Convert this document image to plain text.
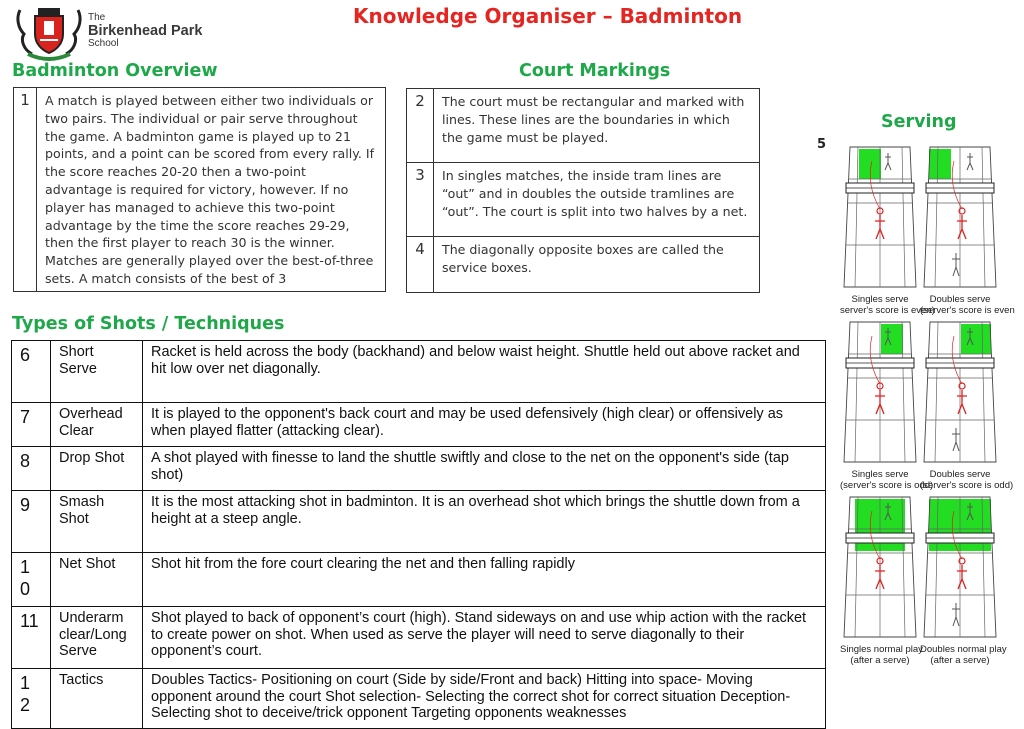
The
Birkenhead Park
School
Knowledge Organiser – Badminton
Badminton Overview
1	A match is played between either two individuals or two pairs. The individual or pair serve throughout the game. A badminton game is played up to 21 points, and a point can be scored from every rally. If the score reaches 20-20 then a two-point advantage is required for victory, however. If no player has managed to achieve this two-point advantage by the time the score reaches 29-29, then the first player to reach 30 is the winner. Matches are generally played over the best-of-three sets. A match consists of the best of 3
Court Markings
2	The court must be rectangular and marked with lines. These lines are the boundaries in which the game must be played.
3	In singles matches, the inside tram lines are “out” and in doubles the outside tramlines are “out”. The court is split into two halves by a net.
4	The diagonally opposite boxes are called the service boxes.
Serving
5
Singles serve
server's score is even)
Doubles serve
(server's score is even
Singles serve
(server's score is odd)
Doubles serve
(server's score is odd)
Singles normal play
(after a serve)
Doubles normal play
(after a serve)
Types of Shots / Techniques
6	Short Serve	Racket is held across the body (backhand) and below waist height. Shuttle held out above racket and hit low over net diagonally.
7	Overhead Clear	It is played to the opponent's back court and may be used defensively (high clear) or offensively as when played flatter (attacking clear).
8	Drop Shot	A shot played with finesse to land the shuttle swiftly and close to the net on the opponent's side (tap shot)
9	Smash Shot	It is the most attacking shot in badminton. It is an overhead shot which brings the shuttle down from a height at a steep angle.

10	Net Shot	Shot hit from the fore court clearing the net and then falling rapidly
11	Underarm clear/Long Serve	Shot played to back of opponent’s court (high). Stand sideways on and use whip action with the racket to create power on shot. When used as serve the player will need to serve diagonally to their opponent’s court.

12	Tactics	Doubles Tactics- Positioning on court (Side by side/Front and back) Hitting into space- Moving opponent around the court Shot selection- Selecting the correct shot for correct situation Deception- Selecting shot to deceive/trick opponent Targeting opponents weaknesses
